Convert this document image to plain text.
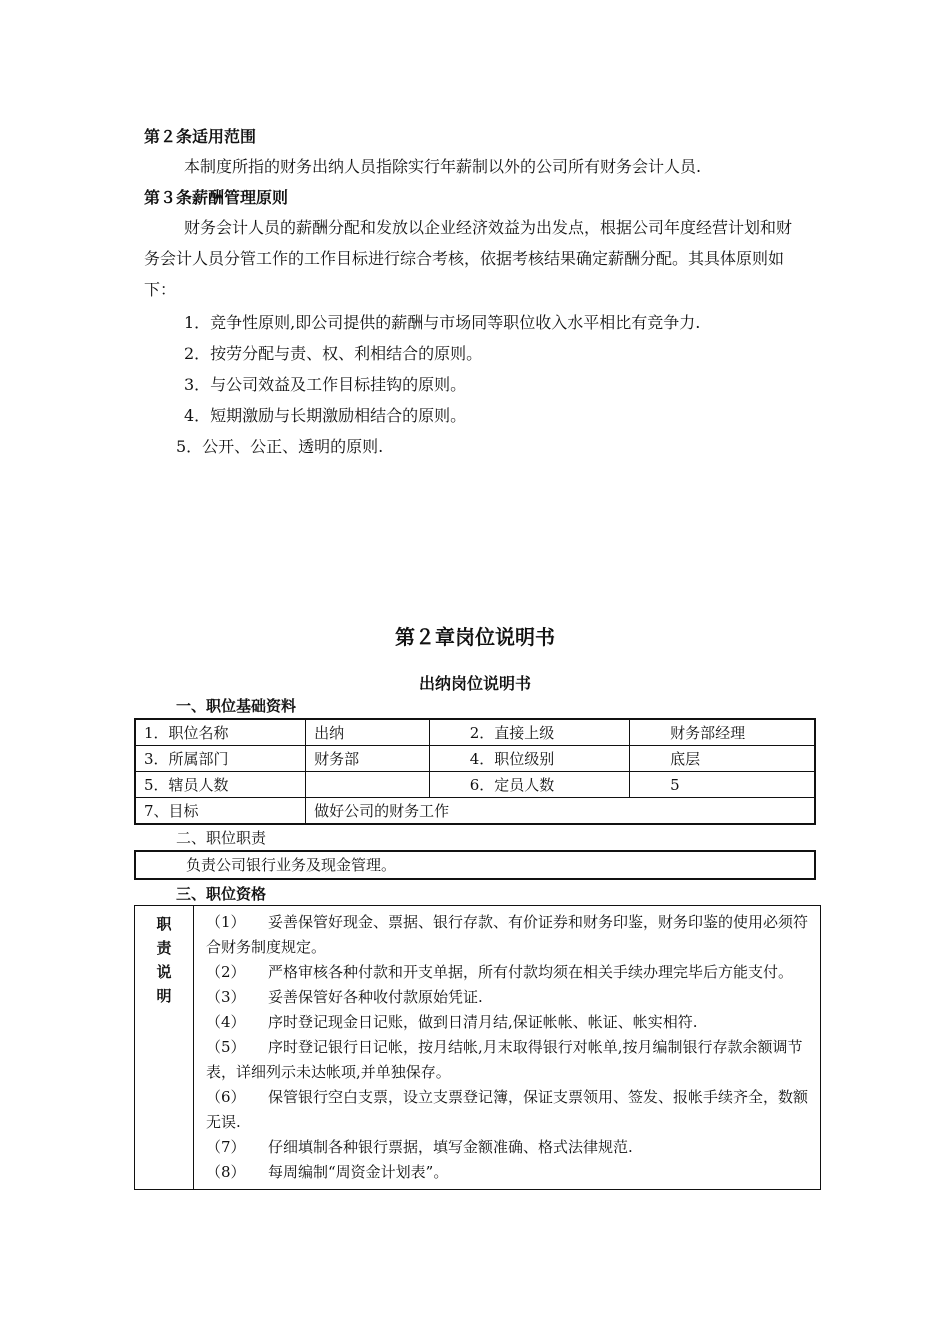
第２条适用范围
本制度所指的财务出纳人员指除实行年薪制以外的公司所有财务会计人员.
第３条薪酬管理原则
财务会计人员的薪酬分配和发放以企业经济效益为出发点，根据公司年度经营计划和财务会计人员分管工作的工作目标进行综合考核，依据考核结果确定薪酬分配。其具体原则如下：
1．竞争性原则,即公司提供的薪酬与市场同等职位收入水平相比有竞争力.
2．按劳分配与责、权、利相结合的原则。
3．与公司效益及工作目标挂钩的原则。
4．短期激励与长期激励相结合的原则。
5．公开、公正、透明的原则.
第２章岗位说明书
出纳岗位说明书
一、职位基础资料
1．职位名称	出纳	2．直接上级	财务部经理
3．所属部门	财务部	4．职位级别	底层
5．辖员人数		6．定员人数	5
7、目标	做好公司的财务工作		
二、职位职责
负责公司银行业务及现金管理。
三、职位资格
职
责
说
明

（1） 妥善保管好现金、票据、银行存款、有价证券和财务印鉴，财务印鉴的使用必须符合财务制度规定。
（2） 严格审核各种付款和开支单据，所有付款均须在相关手续办理完毕后方能支付。
（3） 妥善保管好各种收付款原始凭证.
（4） 序时登记现金日记账，做到日清月结,保证帐帐、帐证、帐实相符.
（5） 序时登记银行日记帐，按月结帐,月末取得银行对帐单,按月编制银行存款余额调节表，详细列示未达帐项,并单独保存。
（6） 保管银行空白支票，设立支票登记簿，保证支票领用、签发、报帐手续齐全，数额无误.
（7） 仔细填制各种银行票据，填写金额准确、格式法律规范.
（8） 每周编制“周资金计划表”。
